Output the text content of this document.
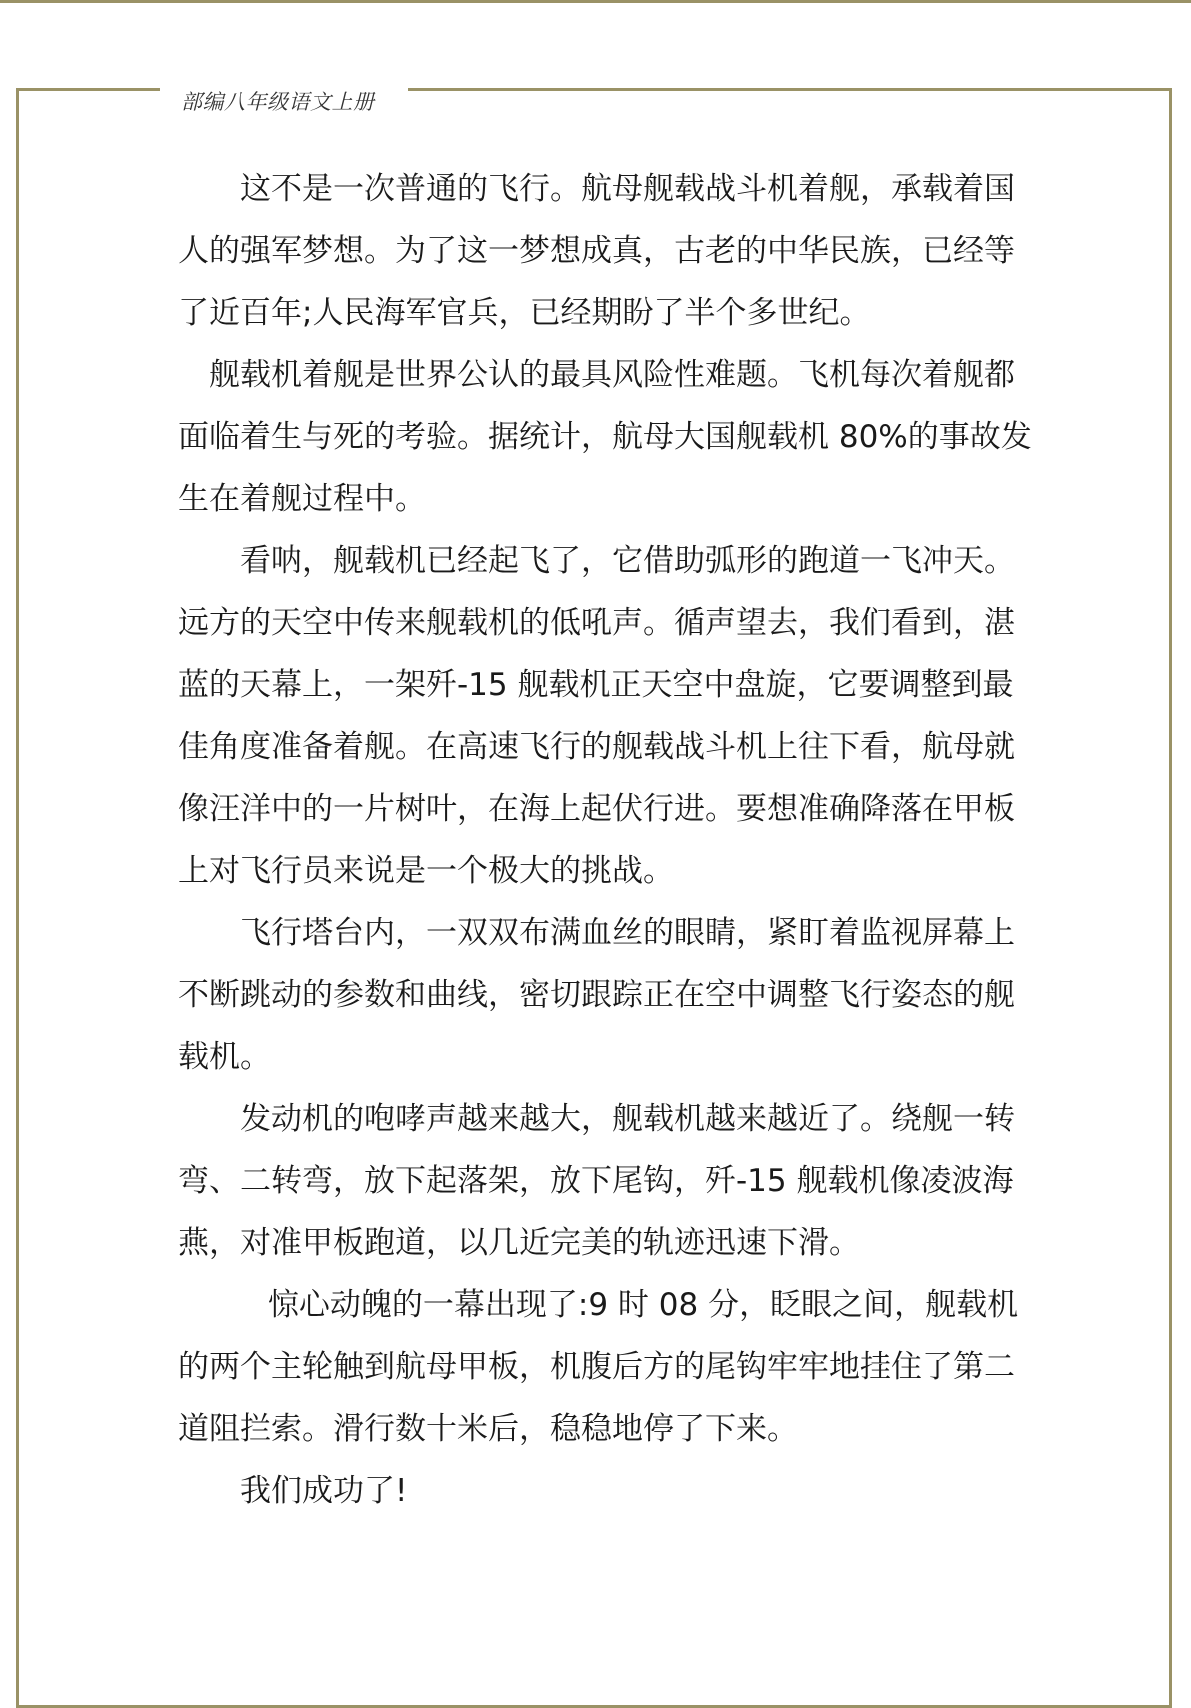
部编八年级语文上册

这不是一次普通的飞行。航母舰载战斗机着舰，承载着国人的强军梦想。为了这一梦想成真，古老的中华民族，已经等了近百年;人民海军官兵，已经期盼了半个多世纪。

舰载机着舰是世界公认的最具风险性难题。飞机每次着舰都面临着生与死的考验。据统计，航母大国舰载机 80%的事故发生在着舰过程中。

看呐，舰载机已经起飞了，它借助弧形的跑道一飞冲天。远方的天空中传来舰载机的低吼声。循声望去，我们看到，湛蓝的天幕上，一架歼-15 舰载机正天空中盘旋，它要调整到最佳角度准备着舰。在高速飞行的舰载战斗机上往下看，航母就像汪洋中的一片树叶，在海上起伏行进。要想准确降落在甲板上对飞行员来说是一个极大的挑战。

飞行塔台内，一双双布满血丝的眼睛，紧盯着监视屏幕上不断跳动的参数和曲线，密切跟踪正在空中调整飞行姿态的舰载机。

发动机的咆哮声越来越大，舰载机越来越近了。绕舰一转弯、二转弯，放下起落架，放下尾钩，歼-15 舰载机像凌波海燕，对准甲板跑道，以几近完美的轨迹迅速下滑。

惊心动魄的一幕出现了:9 时 08 分，眨眼之间，舰载机的两个主轮触到航母甲板，机腹后方的尾钩牢牢地挂住了第二道阻拦索。滑行数十米后，稳稳地停了下来。

我们成功了!
